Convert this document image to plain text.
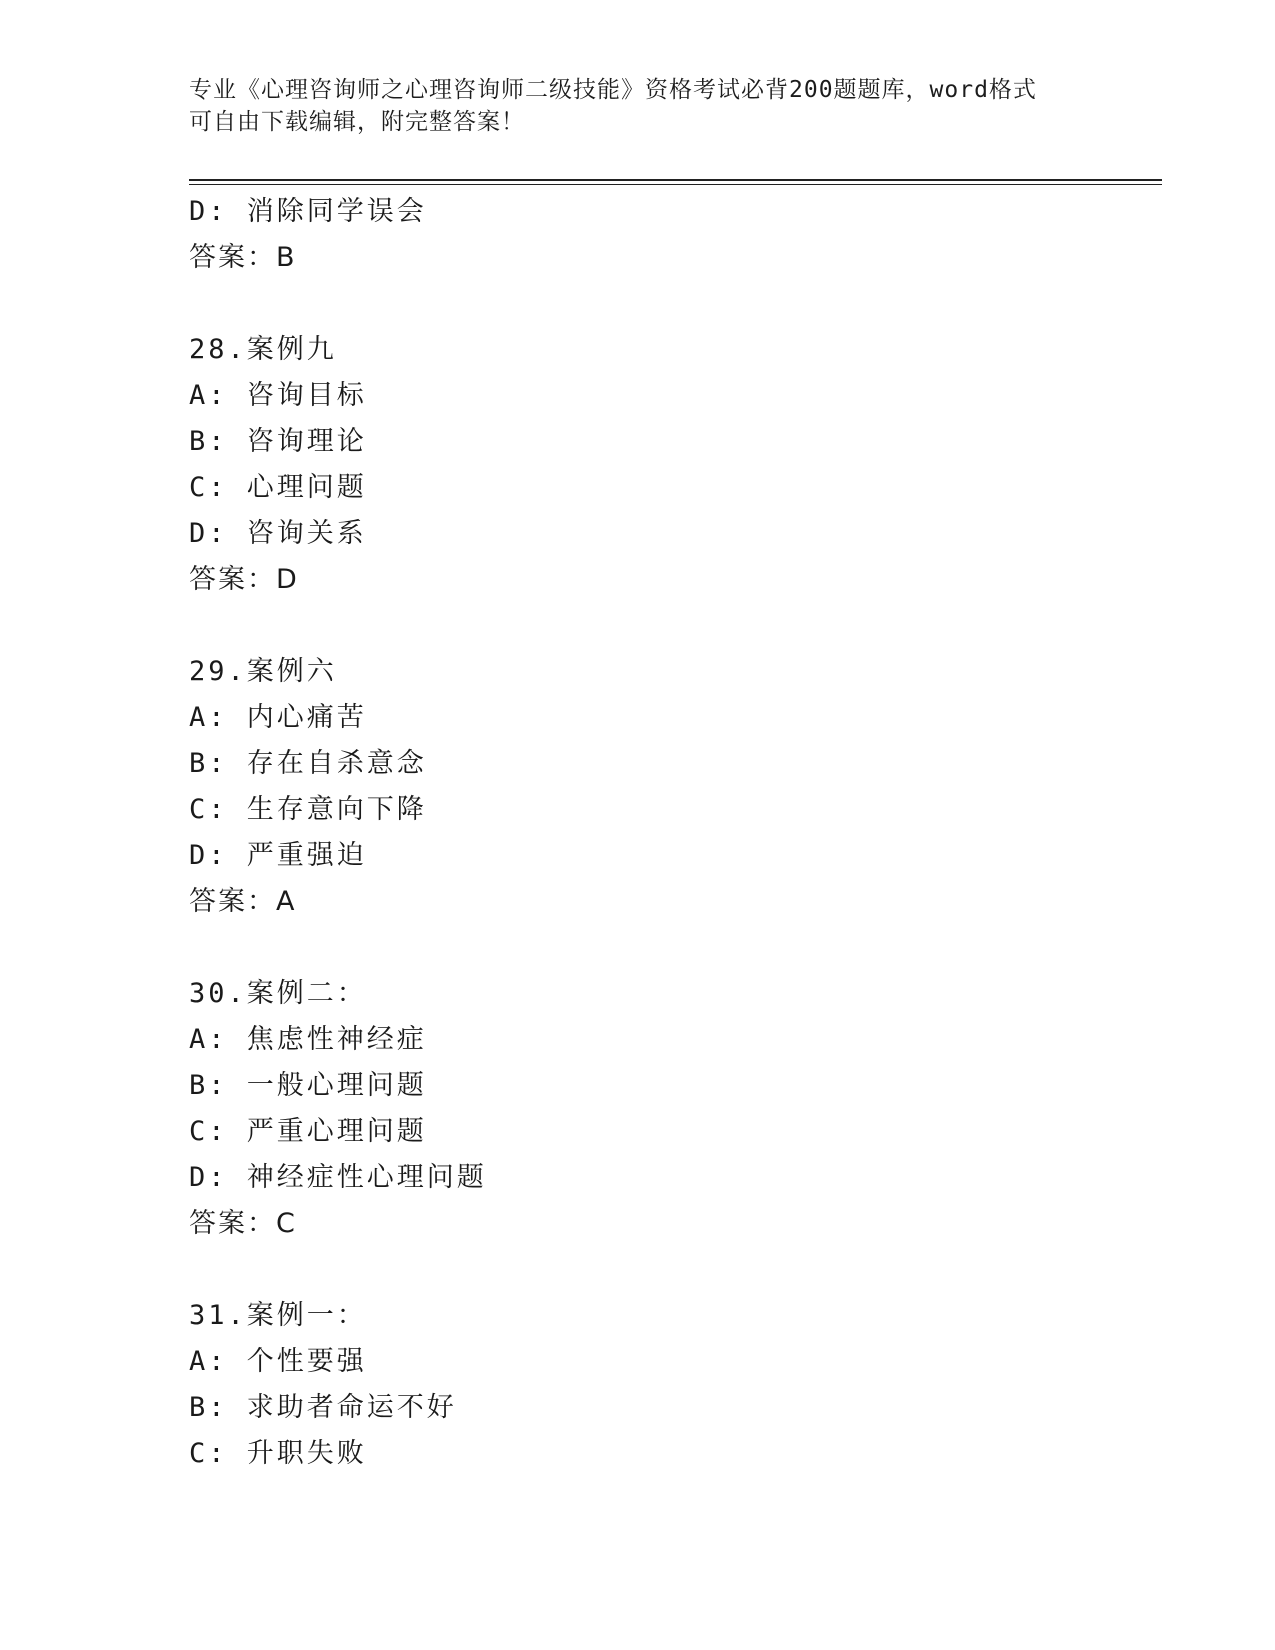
专业《心理咨询师之心理咨询师二级技能》资格考试必背200题题库，word格式
可自由下载编辑，附完整答案！
D: 消除同学误会
答案：B
28.案例九
A: 咨询目标
B: 咨询理论
C: 心理问题
D: 咨询关系
答案：D
29.案例六
A: 内心痛苦
B: 存在自杀意念
C: 生存意向下降
D: 严重强迫
答案：A
30.案例二：
A: 焦虑性神经症
B: 一般心理问题
C: 严重心理问题
D: 神经症性心理问题
答案：C
31.案例一：
A: 个性要强
B: 求助者命运不好
C: 升职失败
